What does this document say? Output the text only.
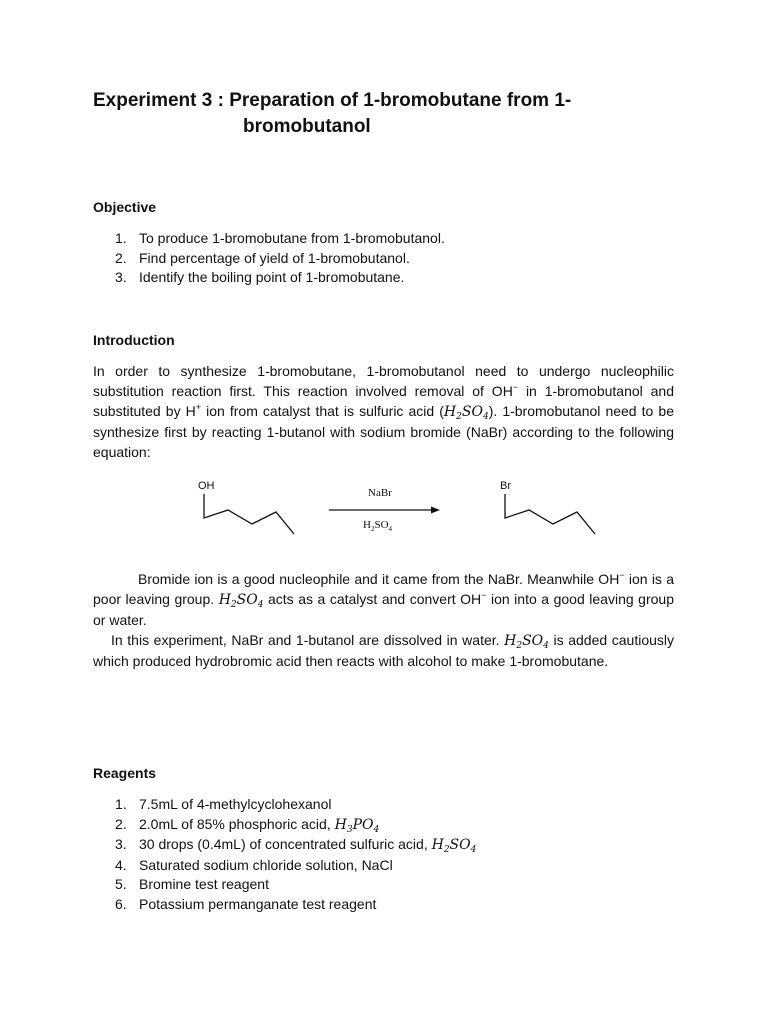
Experiment 3 : Preparation of 1-bromobutane from 1-
bromobutanol
Objective
1. To produce 1-bromobutane from 1-bromobutanol.
2. Find percentage of yield of 1-bromobutanol.
3. Identify the boiling point of 1-bromobutane.
Introduction

In order to synthesize 1-bromobutane, 1-bromobutanol need to undergo nucleophilic substitution reaction first. This reaction involved removal of OH− in 1-bromobutanol and substituted by H+ ion from catalyst that is sulfuric acid $(H_2SO_4)$. 1-bromobutanol need to be synthesize first by reacting 1-butanol with sodium bromide (NaBr) according to the following equation:

OH
NaBr
$H_2SO_4$
Br

Bromide ion is a good nucleophile and it came from the NaBr. Meanwhile OH− ion is a poor leaving group. $H_2SO_4$ acts as a catalyst and convert OH− ion into a good leaving group or water.

In this experiment, NaBr and 1-butanol are dissolved in water. $H_2SO_4$ is added cautiously which produced hydrobromic acid then reacts with alcohol to make 1-bromobutane.

Reagents
1. 7.5mL of 4-methylcyclohexanol
2. 2.0mL of 85% phosphoric acid, $H_3PO_4$
3. 30 drops (0.4mL) of concentrated sulfuric acid, $H_2SO_4$
4. Saturated sodium chloride solution, NaCl
5. Bromine test reagent
6. Potassium permanganate test reagent
